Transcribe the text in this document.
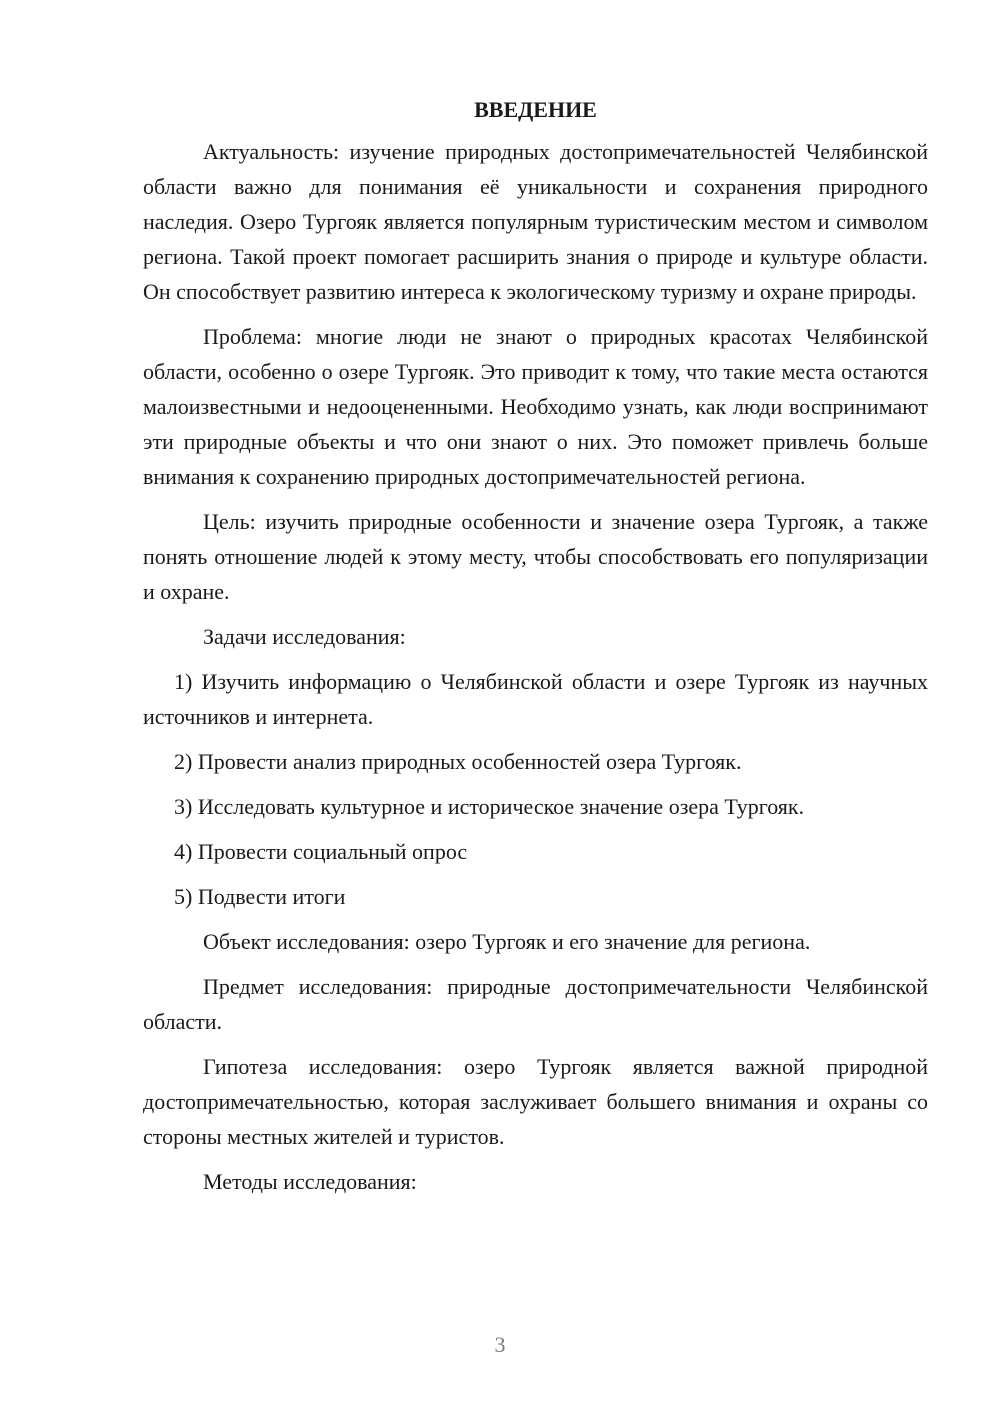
ВВЕДЕНИЕ

Актуальность: изучение природных достопримечательностей Челябинской области важно для понимания её уникальности и сохранения природного наследия. Озеро Тургояк является популярным туристическим местом и символом региона. Такой проект помогает расширить знания о природе и культуре области. Он способствует развитию интереса к экологическому туризму и охране природы.

Проблема: многие люди не знают о природных красотах Челябинской области, особенно о озере Тургояк. Это приводит к тому, что такие места остаются малоизвестными и недооцененными. Необходимо узнать, как люди воспринимают эти природные объекты и что они знают о них. Это поможет привлечь больше внимания к сохранению природных достопримечательностей региона.

Цель: изучить природные особенности и значение озера Тургояк, а также понять отношение людей к этому месту, чтобы способствовать его популяризации и охране.

Задачи исследования:

1) Изучить информацию о Челябинской области и озере Тургояк из научных источников и интернета.

2) Провести анализ природных особенностей озера Тургояк.

3) Исследовать культурное и историческое значение озера Тургояк.

4) Провести социальный опрос

5) Подвести итоги

Объект исследования: озеро Тургояк и его значение для региона.

Предмет исследования: природные достопримечательности Челябинской области.

Гипотеза исследования: озеро Тургояк является важной природной достопримечательностью, которая заслуживает большего внимания и охраны со стороны местных жителей и туристов.

Методы исследования:

3
